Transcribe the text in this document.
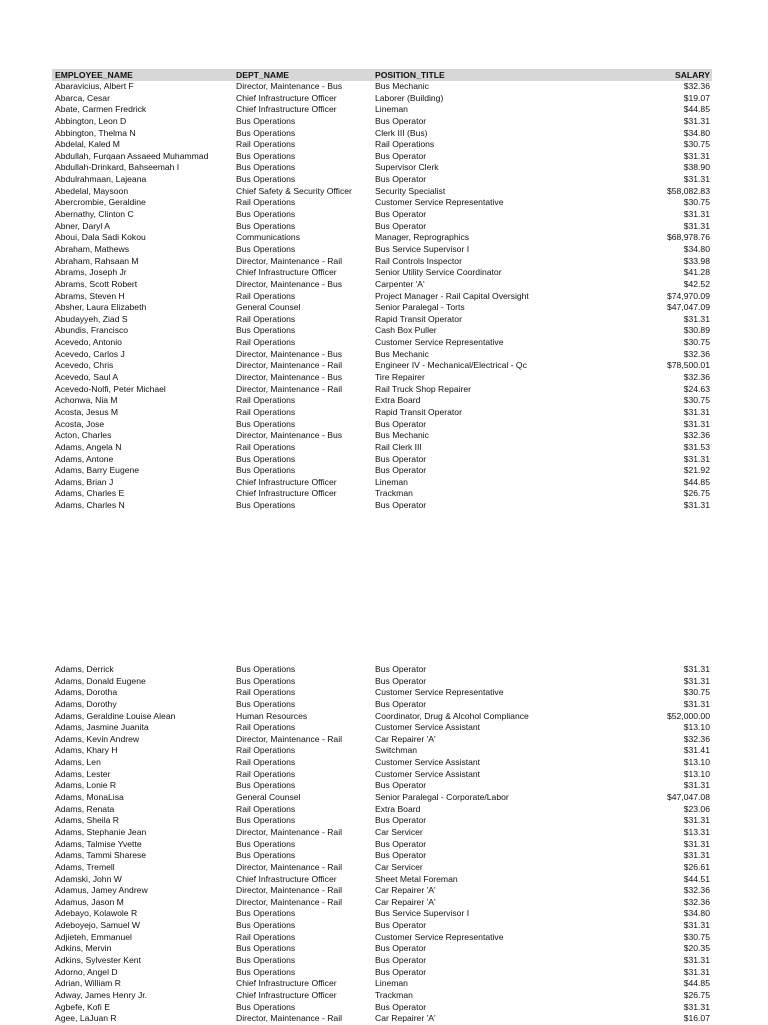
EMPLOYEE_NAME	DEPT_NAME	POSITION_TITLE	SALARY
Abaravicius, Albert F	Director, Maintenance - Bus	Bus Mechanic	$32.36
Abarca, Cesar	Chief Infrastructure Officer	Laborer (Building)	$19.07
Abate, Carmen Fredrick	Chief Infrastructure Officer	Lineman	$44.85
Abbington, Leon D	Bus Operations	Bus Operator	$31.31
Abbington, Thelma N	Bus Operations	Clerk III (Bus)	$34.80
Abdelal, Kaled M	Rail Operations	Rail Operations	$30.75
Abdullah, Furqaan Assaeed Muhammad	Bus Operations	Bus Operator	$31.31
Abdullah-Drinkard, Bahseemah I	Bus Operations	Supervisor Clerk	$38.90
Abdulrahmaan, Lajeana	Bus Operations	Bus Operator	$31.31
Abedelal, Maysoon	Chief Safety & Security Officer	Security Specialist	$58,082.83
Abercrombie, Geraldine	Rail Operations	Customer Service Representative	$30.75
Abernathy, Clinton C	Bus Operations	Bus Operator	$31.31
Abner, Daryl A	Bus Operations	Bus Operator	$31.31
Aboui, Dala Sadi Kokou	Communications	Manager, Reprographics	$68,978.76
Abraham, Mathews	Bus Operations	Bus Service Supervisor I	$34.80
Abraham, Rahsaan M	Director, Maintenance - Rail	Rail Controls Inspector	$33.98
Abrams, Joseph Jr	Chief Infrastructure Officer	Senior Utility Service Coordinator	$41.28
Abrams, Scott Robert	Director, Maintenance - Bus	Carpenter 'A'	$42.52
Abrams, Steven H	Rail Operations	Project Manager - Rail Capital Oversight	$74,970.09
Absher, Laura Elizabeth	General Counsel	Senior Paralegal - Torts	$47,047.09
Abudayyeh, Ziad S	Rail Operations	Rapid Transit Operator	$31.31
Abundis, Francisco	Bus Operations	Cash Box Puller	$30.89
Acevedo, Antonio	Rail Operations	Customer Service Representative	$30.75
Acevedo, Carlos J	Director, Maintenance - Bus	Bus Mechanic	$32.36
Acevedo, Chris	Director, Maintenance - Rail	Engineer IV - Mechanical/Electrical - Qc	$78,500.01
Acevedo, Saul A	Director, Maintenance - Bus	Tire Repairer	$32.36
Acevedo-Nolfi, Peter Michael	Director, Maintenance - Rail	Rail Truck Shop Repairer	$24.63
Achonwa, Nia M	Rail Operations	Extra Board	$30.75
Acosta, Jesus M	Rail Operations	Rapid Transit Operator	$31.31
Acosta, Jose	Bus Operations	Bus Operator	$31.31
Acton, Charles	Director, Maintenance - Bus	Bus Mechanic	$32.36
Adams, Angela N	Rail Operations	Rail Clerk III	$31.53
Adams, Antone	Bus Operations	Bus Operator	$31.31
Adams, Barry Eugene	Bus Operations	Bus Operator	$21.92
Adams, Brian J	Chief Infrastructure Officer	Lineman	$44.85
Adams, Charles E	Chief Infrastructure Officer	Trackman	$26.75
Adams, Charles N	Bus Operations	Bus Operator	$31.31
Adams, Derrick	Bus Operations	Bus Operator	$31.31
Adams, Donald Eugene	Bus Operations	Bus Operator	$31.31
Adams, Dorotha	Rail Operations	Customer Service Representative	$30.75
Adams, Dorothy	Bus Operations	Bus Operator	$31.31
Adams, Geraldine Louise Alean	Human Resources	Coordinator, Drug & Alcohol Compliance	$52,000.00
Adams, Jasmine Juanita	Rail Operations	Customer Service Assistant	$13.10
Adams, Kevin Andrew	Director, Maintenance - Rail	Car Repairer 'A'	$32.36
Adams, Khary H	Rail Operations	Switchman	$31.41
Adams, Len	Rail Operations	Customer Service Assistant	$13.10
Adams, Lester	Rail Operations	Customer Service Assistant	$13.10
Adams, Lonie R	Bus Operations	Bus Operator	$31.31
Adams, MonaLisa	General Counsel	Senior Paralegal - Corporate/Labor	$47,047.08
Adams, Renata	Rail Operations	Extra Board	$23.06
Adams, Sheila R	Bus Operations	Bus Operator	$31.31
Adams, Stephanie Jean	Director, Maintenance - Rail	Car Servicer	$13.31
Adams, Talmise Yvette	Bus Operations	Bus Operator	$31.31
Adams, Tammi Sharese	Bus Operations	Bus Operator	$31.31
Adams, Tremell	Director, Maintenance - Rail	Car Servicer	$26.61
Adamski, John W	Chief Infrastructure Officer	Sheet Metal Foreman	$44.51
Adamus, Jamey Andrew	Director, Maintenance - Rail	Car Repairer 'A'	$32.36
Adamus, Jason M	Director, Maintenance - Rail	Car Repairer 'A'	$32.36
Adebayo, Kolawole R	Bus Operations	Bus Service Supervisor I	$34.80
Adeboyejo, Samuel W	Bus Operations	Bus Operator	$31.31
Adjieteh, Emmanuel	Rail Operations	Customer Service Representative	$30.75
Adkins, Mervin	Bus Operations	Bus Operator	$20.35
Adkins, Sylvester Kent	Bus Operations	Bus Operator	$31.31
Adorno, Angel D	Bus Operations	Bus Operator	$31.31
Adrian, William R	Chief Infrastructure Officer	Lineman	$44.85
Adway, James Henry Jr.	Chief Infrastructure Officer	Trackman	$26.75
Agbefe, Kofi E	Bus Operations	Bus Operator	$31.31
Agee, LaJuan R	Director, Maintenance - Rail	Car Repairer 'A'	$16.07
